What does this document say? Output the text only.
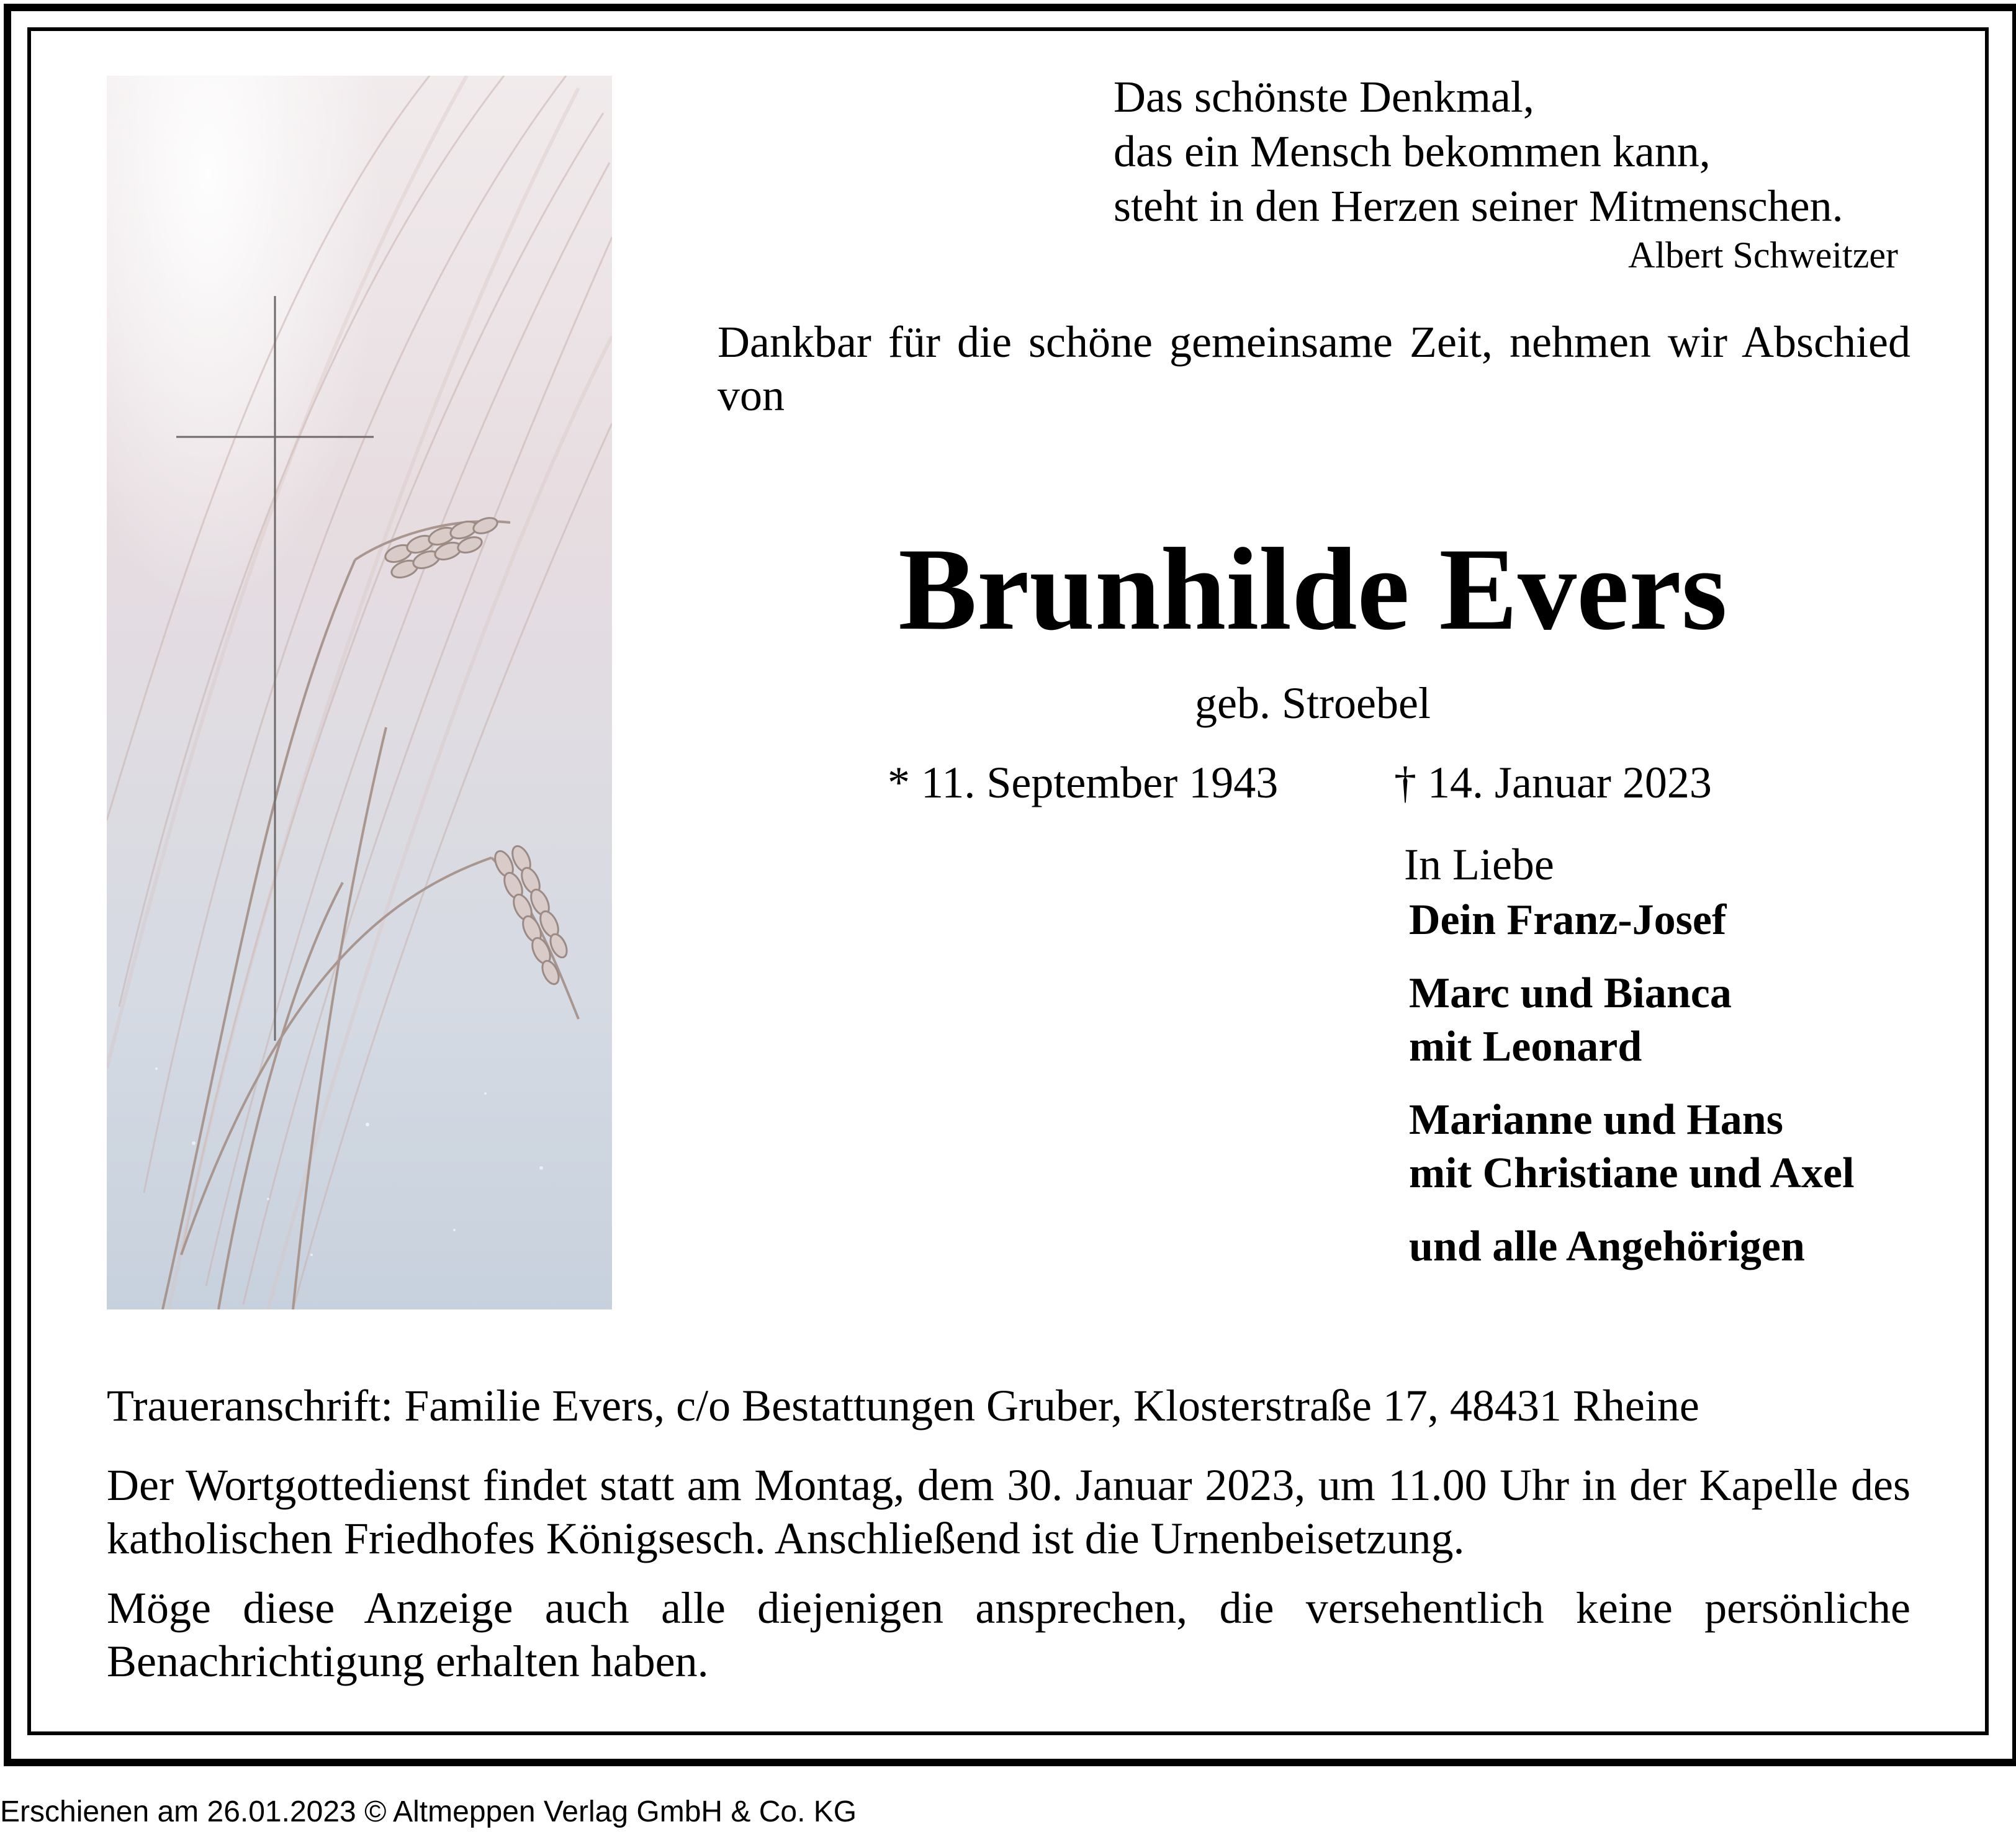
Das schönste Denkmal,
das ein Mensch bekommen kann,
steht in den Herzen seiner Mitmenschen.
Albert Schweitzer
Dankbar für die schöne gemeinsame Zeit, nehmen wir Abschied von
Brunhilde Evers
geb. Stroebel
* 11. September 1943	† 14. Januar 2023
In Liebe
Dein Franz-Josef
Marc und Bianca
mit Leonard
Marianne und Hans
mit Christiane und Axel
und alle Angehörigen
Traueranschrift: Familie Evers, c/o Bestattungen Gruber, Klosterstraße 17, 48431 Rheine
Der Wortgottedienst findet statt am Montag, dem 30. Januar 2023, um 11.00 Uhr in der Kapelle des katholischen Friedhofes Königsesch. Anschließend ist die Urnenbeisetzung.
Möge diese Anzeige auch alle diejenigen ansprechen, die versehentlich keine persönliche Benachrichtigung erhalten haben.
Erschienen am 26.01.2023 © Altmeppen Verlag GmbH & Co. KG
